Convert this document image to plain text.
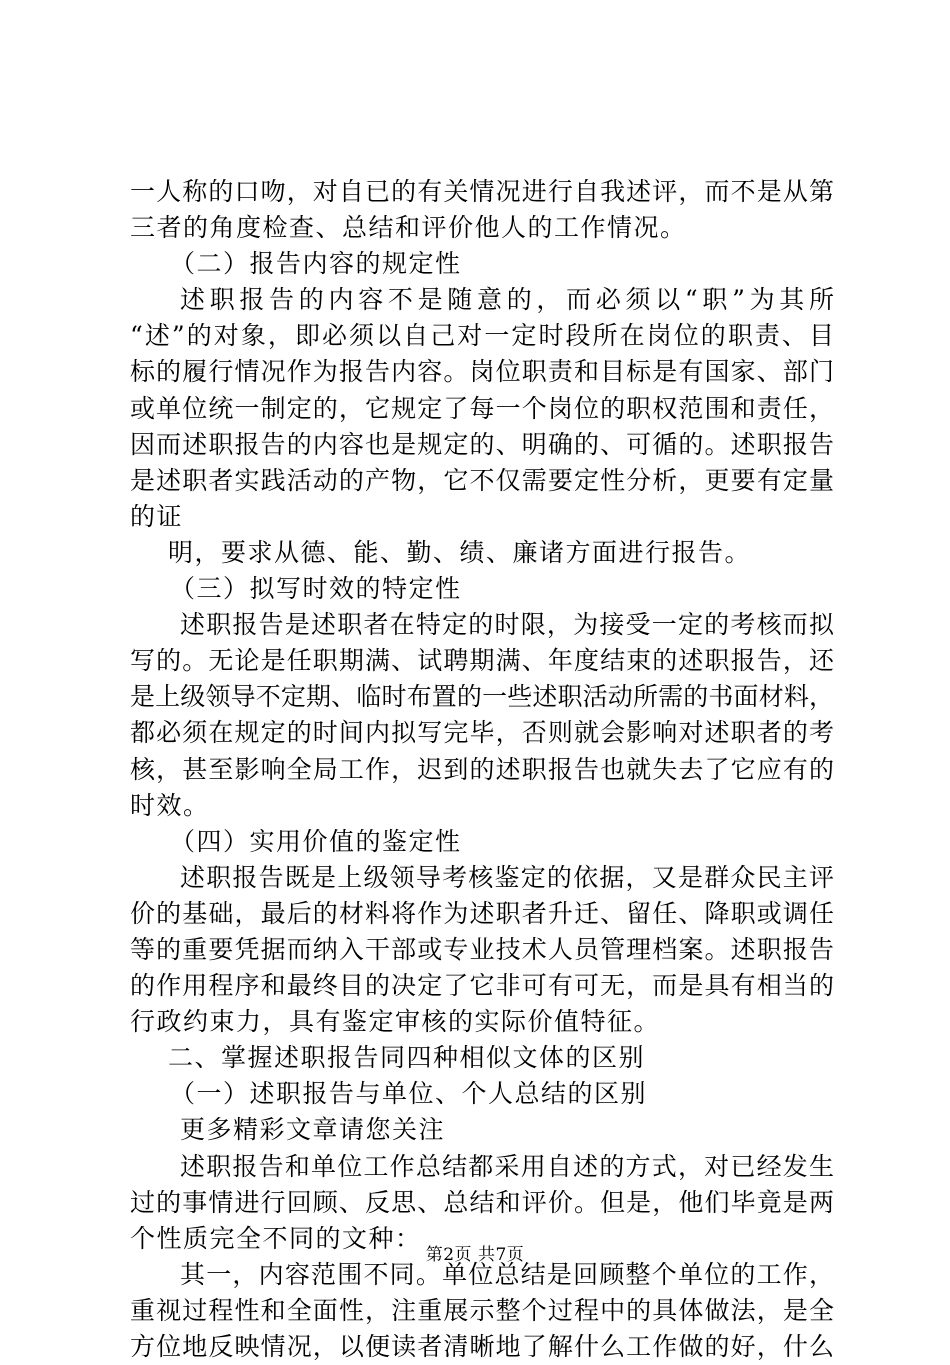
一人称的口吻，对自已的有关情况进行自我述评，而不是从第
三者的角度检查、总结和评价他人的工作情况。
（二）报告内容的规定性
述职报告的内容不是随意的，而必须以“职”为其所
“述”的对象，即必须以自己对一定时段所在岗位的职责、目
标的履行情况作为报告内容。岗位职责和目标是有国家、部门
或单位统一制定的，它规定了每一个岗位的职权范围和责任，
因而述职报告的内容也是规定的、明确的、可循的。述职报告
是述职者实践活动的产物，它不仅需要定性分析，更要有定量
的证
明，要求从德、能、勤、绩、廉诸方面进行报告。
（三）拟写时效的特定性
述职报告是述职者在特定的时限，为接受一定的考核而拟
写的。无论是任职期满、试聘期满、年度结束的述职报告，还
是上级领导不定期、临时布置的一些述职活动所需的书面材料，
都必须在规定的时间内拟写完毕，否则就会影响对述职者的考
核，甚至影响全局工作，迟到的述职报告也就失去了它应有的
时效。
（四）实用价值的鉴定性
述职报告既是上级领导考核鉴定的依据，又是群众民主评
价的基础，最后的材料将作为述职者升迁、留任、降职或调任
等的重要凭据而纳入干部或专业技术人员管理档案。述职报告
的作用程序和最终目的决定了它非可有可无，而是具有相当的
行政约束力，具有鉴定审核的实际价值特征。
二、掌握述职报告同四种相似文体的区别
（一）述职报告与单位、个人总结的区别
更多精彩文章请您关注
述职报告和单位工作总结都采用自述的方式，对已经发生
过的事情进行回顾、反思、总结和评价。但是，他们毕竟是两
个性质完全不同的文种：
其一，内容范围不同。单位总结是回顾整个单位的工作，
重视过程性和全面性，注重展示整个过程中的具体做法，是全
方位地反映情况，以便读者清晰地了解什么工作做的好，什么
第2页 共7页
